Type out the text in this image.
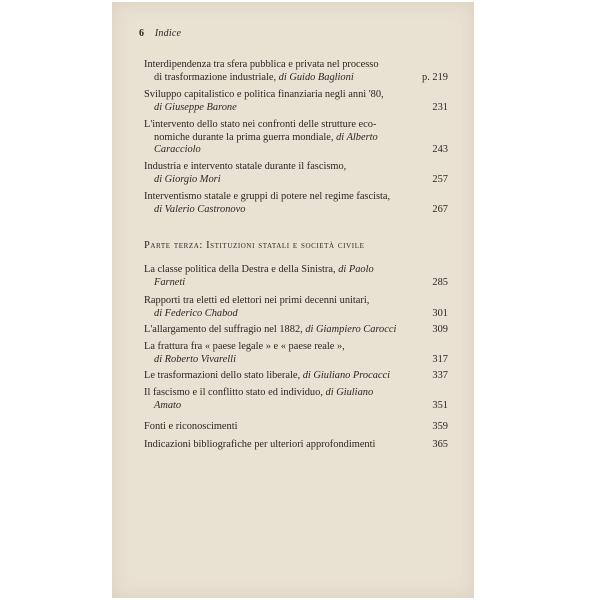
6 Indice
Interdipendenza tra sfera pubblica e privata nel processo
di trasformazione industriale, di Guido Baglioni	p. 219
Sviluppo capitalistico e politica finanziaria negli anni '80,
di Giuseppe Barone	231
L'intervento dello stato nei confronti delle strutture eco-
nomiche durante la prima guerra mondiale, di Alberto
Caracciolo	243
Industria e intervento statale durante il fascismo,
di Giorgio Mori	257
Interventismo statale e gruppi di potere nel regime fascista,
di Valerio Castronovo	267
Parte terza: Istituzioni statali e società civile
La classe politica della Destra e della Sinistra, di Paolo
Farneti	285
Rapporti tra eletti ed elettori nei primi decenni unitari,
di Federico Chabod	301
L'allargamento del suffragio nel 1882, di Giampiero Carocci	309
La frattura fra « paese legale » e « paese reale »,
di Roberto Vivarelli	317
Le trasformazioni dello stato liberale, di Giuliano Procacci	337
Il fascismo e il conflitto stato ed individuo, di Giuliano
Amato	351
Fonti e riconoscimenti	359
Indicazioni bibliografiche per ulteriori approfondimenti	365
